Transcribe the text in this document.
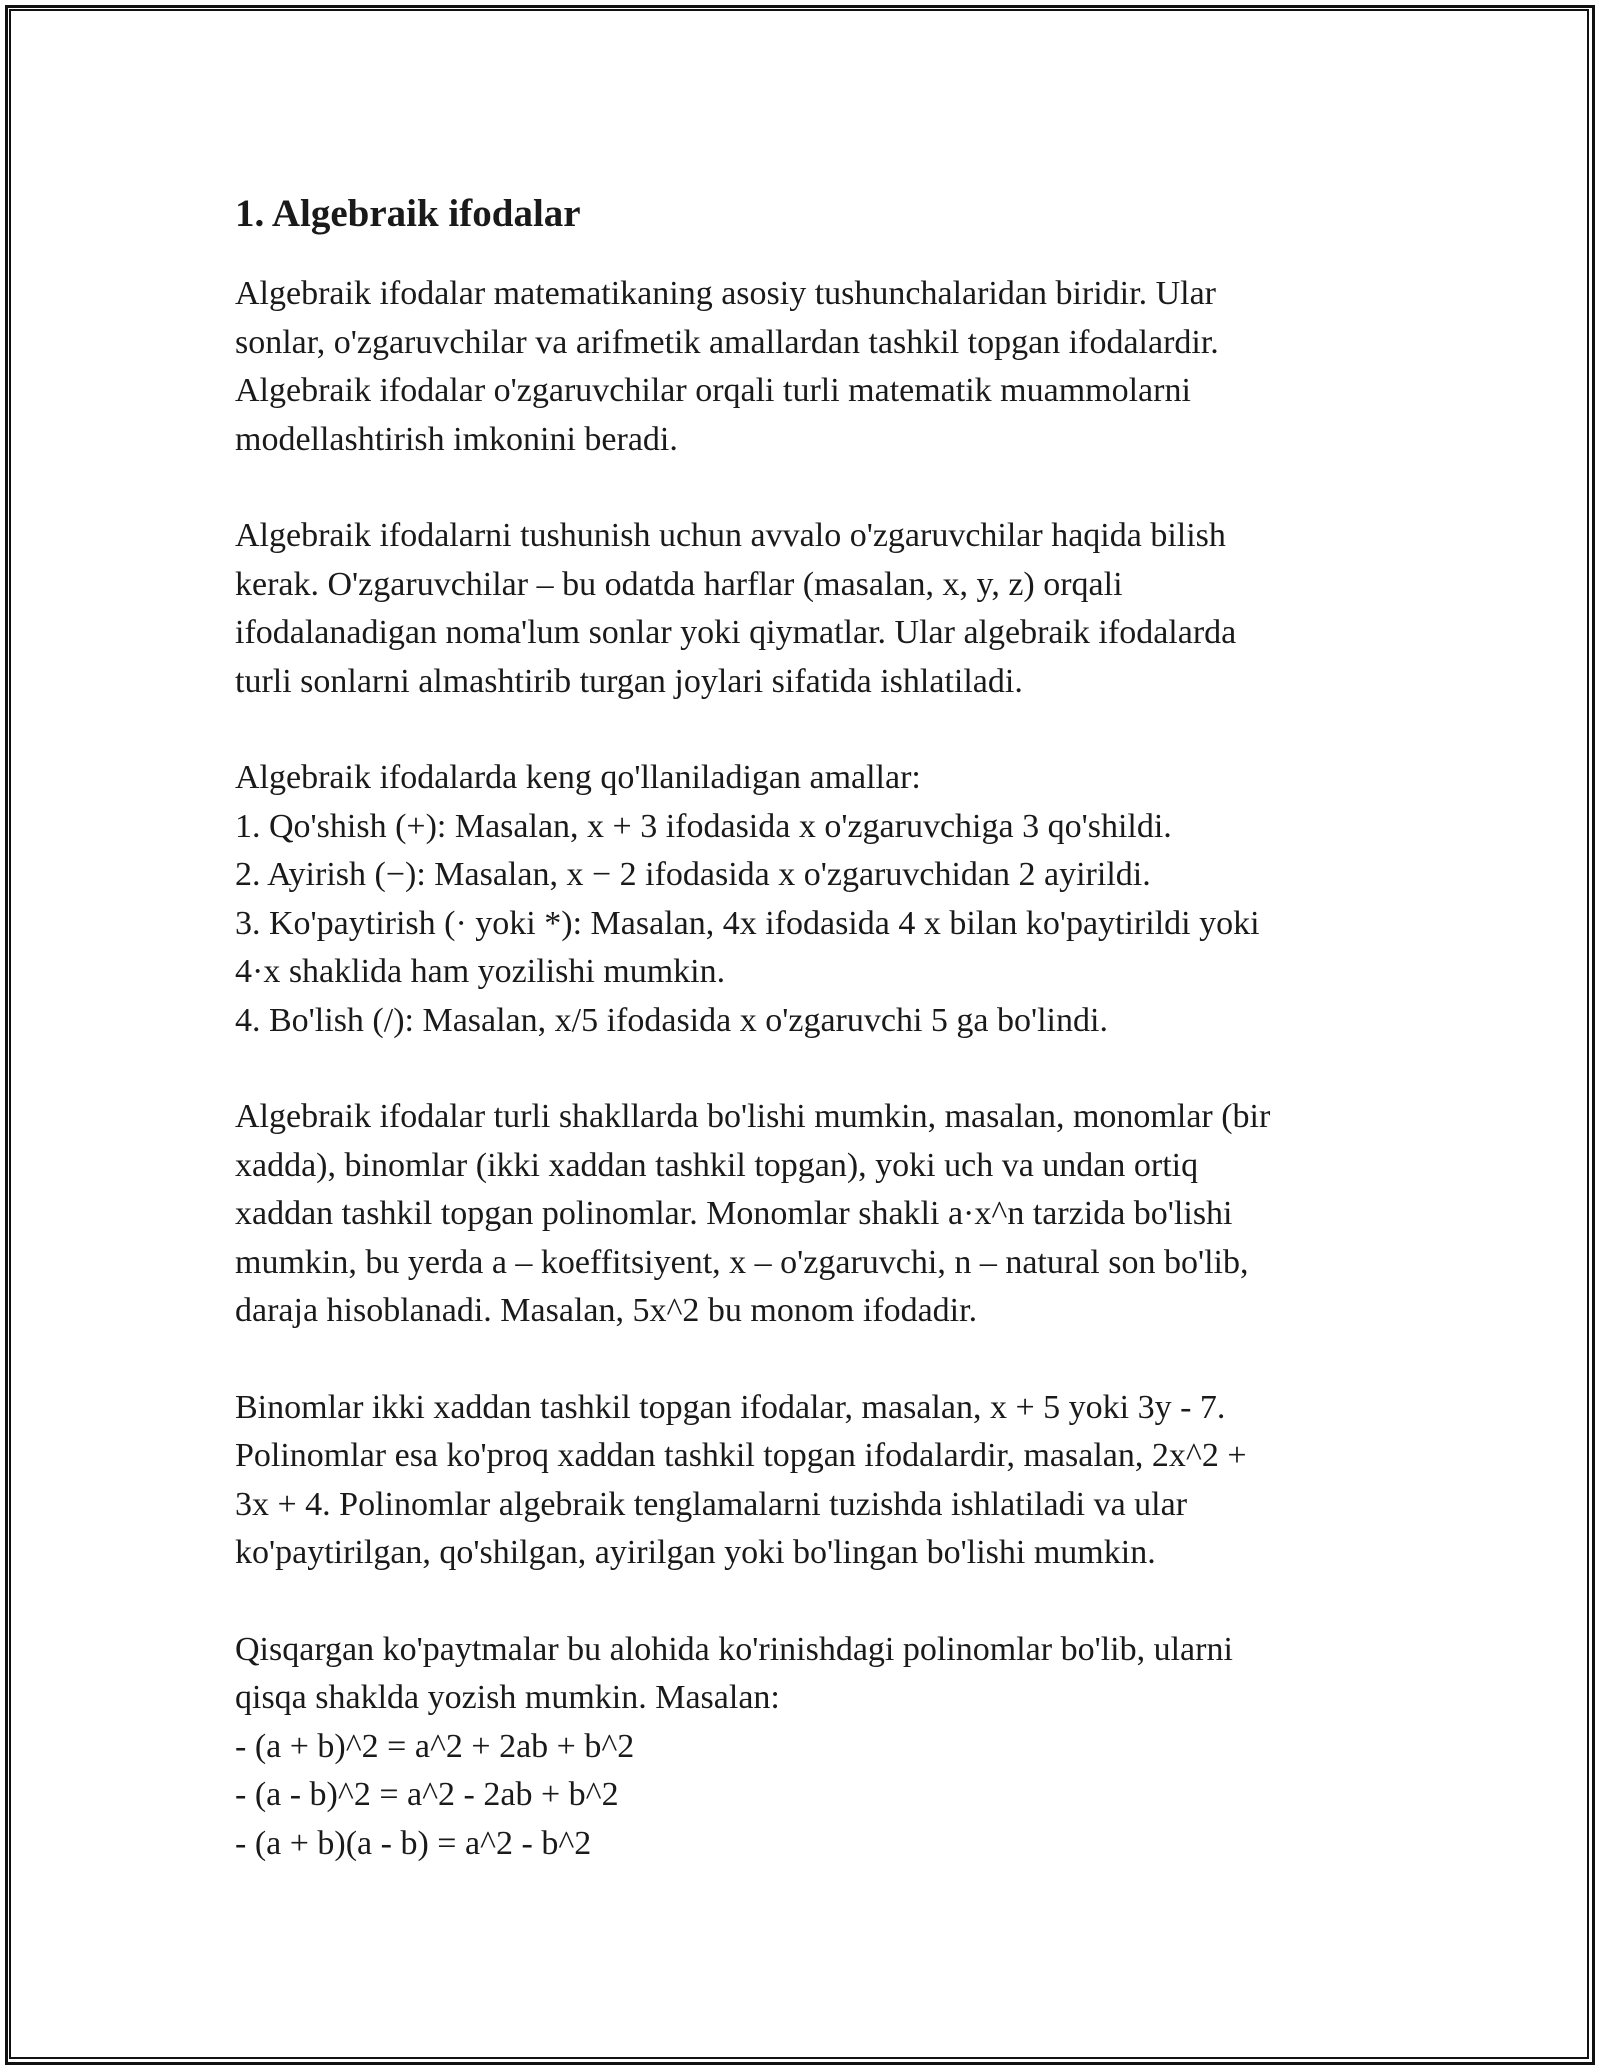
1. Algebraik ifodalar

Algebraik ifodalar matematikaning asosiy tushunchalaridan biridir. Ular
sonlar, o'zgaruvchilar va arifmetik amallardan tashkil topgan ifodalardir.
Algebraik ifodalar o'zgaruvchilar orqali turli matematik muammolarni
modellashtirish imkonini beradi.

Algebraik ifodalarni tushunish uchun avvalo o'zgaruvchilar haqida bilish
kerak. O'zgaruvchilar – bu odatda harflar (masalan, x, y, z) orqali
ifodalanadigan noma'lum sonlar yoki qiymatlar. Ular algebraik ifodalarda
turli sonlarni almashtirib turgan joylari sifatida ishlatiladi.

Algebraik ifodalarda keng qo'llaniladigan amallar:
1. Qo'shish (+): Masalan, x + 3 ifodasida x o'zgaruvchiga 3 qo'shildi.
2. Ayirish (−): Masalan, x − 2 ifodasida x o'zgaruvchidan 2 ayirildi.
3. Ko'paytirish (· yoki *): Masalan, 4x ifodasida 4 x bilan ko'paytirildi yoki
4·x shaklida ham yozilishi mumkin.
4. Bo'lish (/): Masalan, x/5 ifodasida x o'zgaruvchi 5 ga bo'lindi.

Algebraik ifodalar turli shakllarda bo'lishi mumkin, masalan, monomlar (bir
xadda), binomlar (ikki xaddan tashkil topgan), yoki uch va undan ortiq
xaddan tashkil topgan polinomlar. Monomlar shakli a·x^n tarzida bo'lishi
mumkin, bu yerda a – koeffitsiyent, x – o'zgaruvchi, n – natural son bo'lib,
daraja hisoblanadi. Masalan, 5x^2 bu monom ifodadir.

Binomlar ikki xaddan tashkil topgan ifodalar, masalan, x + 5 yoki 3y - 7.
Polinomlar esa ko'proq xaddan tashkil topgan ifodalardir, masalan, 2x^2 +
3x + 4. Polinomlar algebraik tenglamalarni tuzishda ishlatiladi va ular
ko'paytirilgan, qo'shilgan, ayirilgan yoki bo'lingan bo'lishi mumkin.

Qisqargan ko'paytmalar bu alohida ko'rinishdagi polinomlar bo'lib, ularni
qisqa shaklda yozish mumkin. Masalan:
- (a + b)^2 = a^2 + 2ab + b^2
- (a - b)^2 = a^2 - 2ab + b^2
- (a + b)(a - b) = a^2 - b^2
